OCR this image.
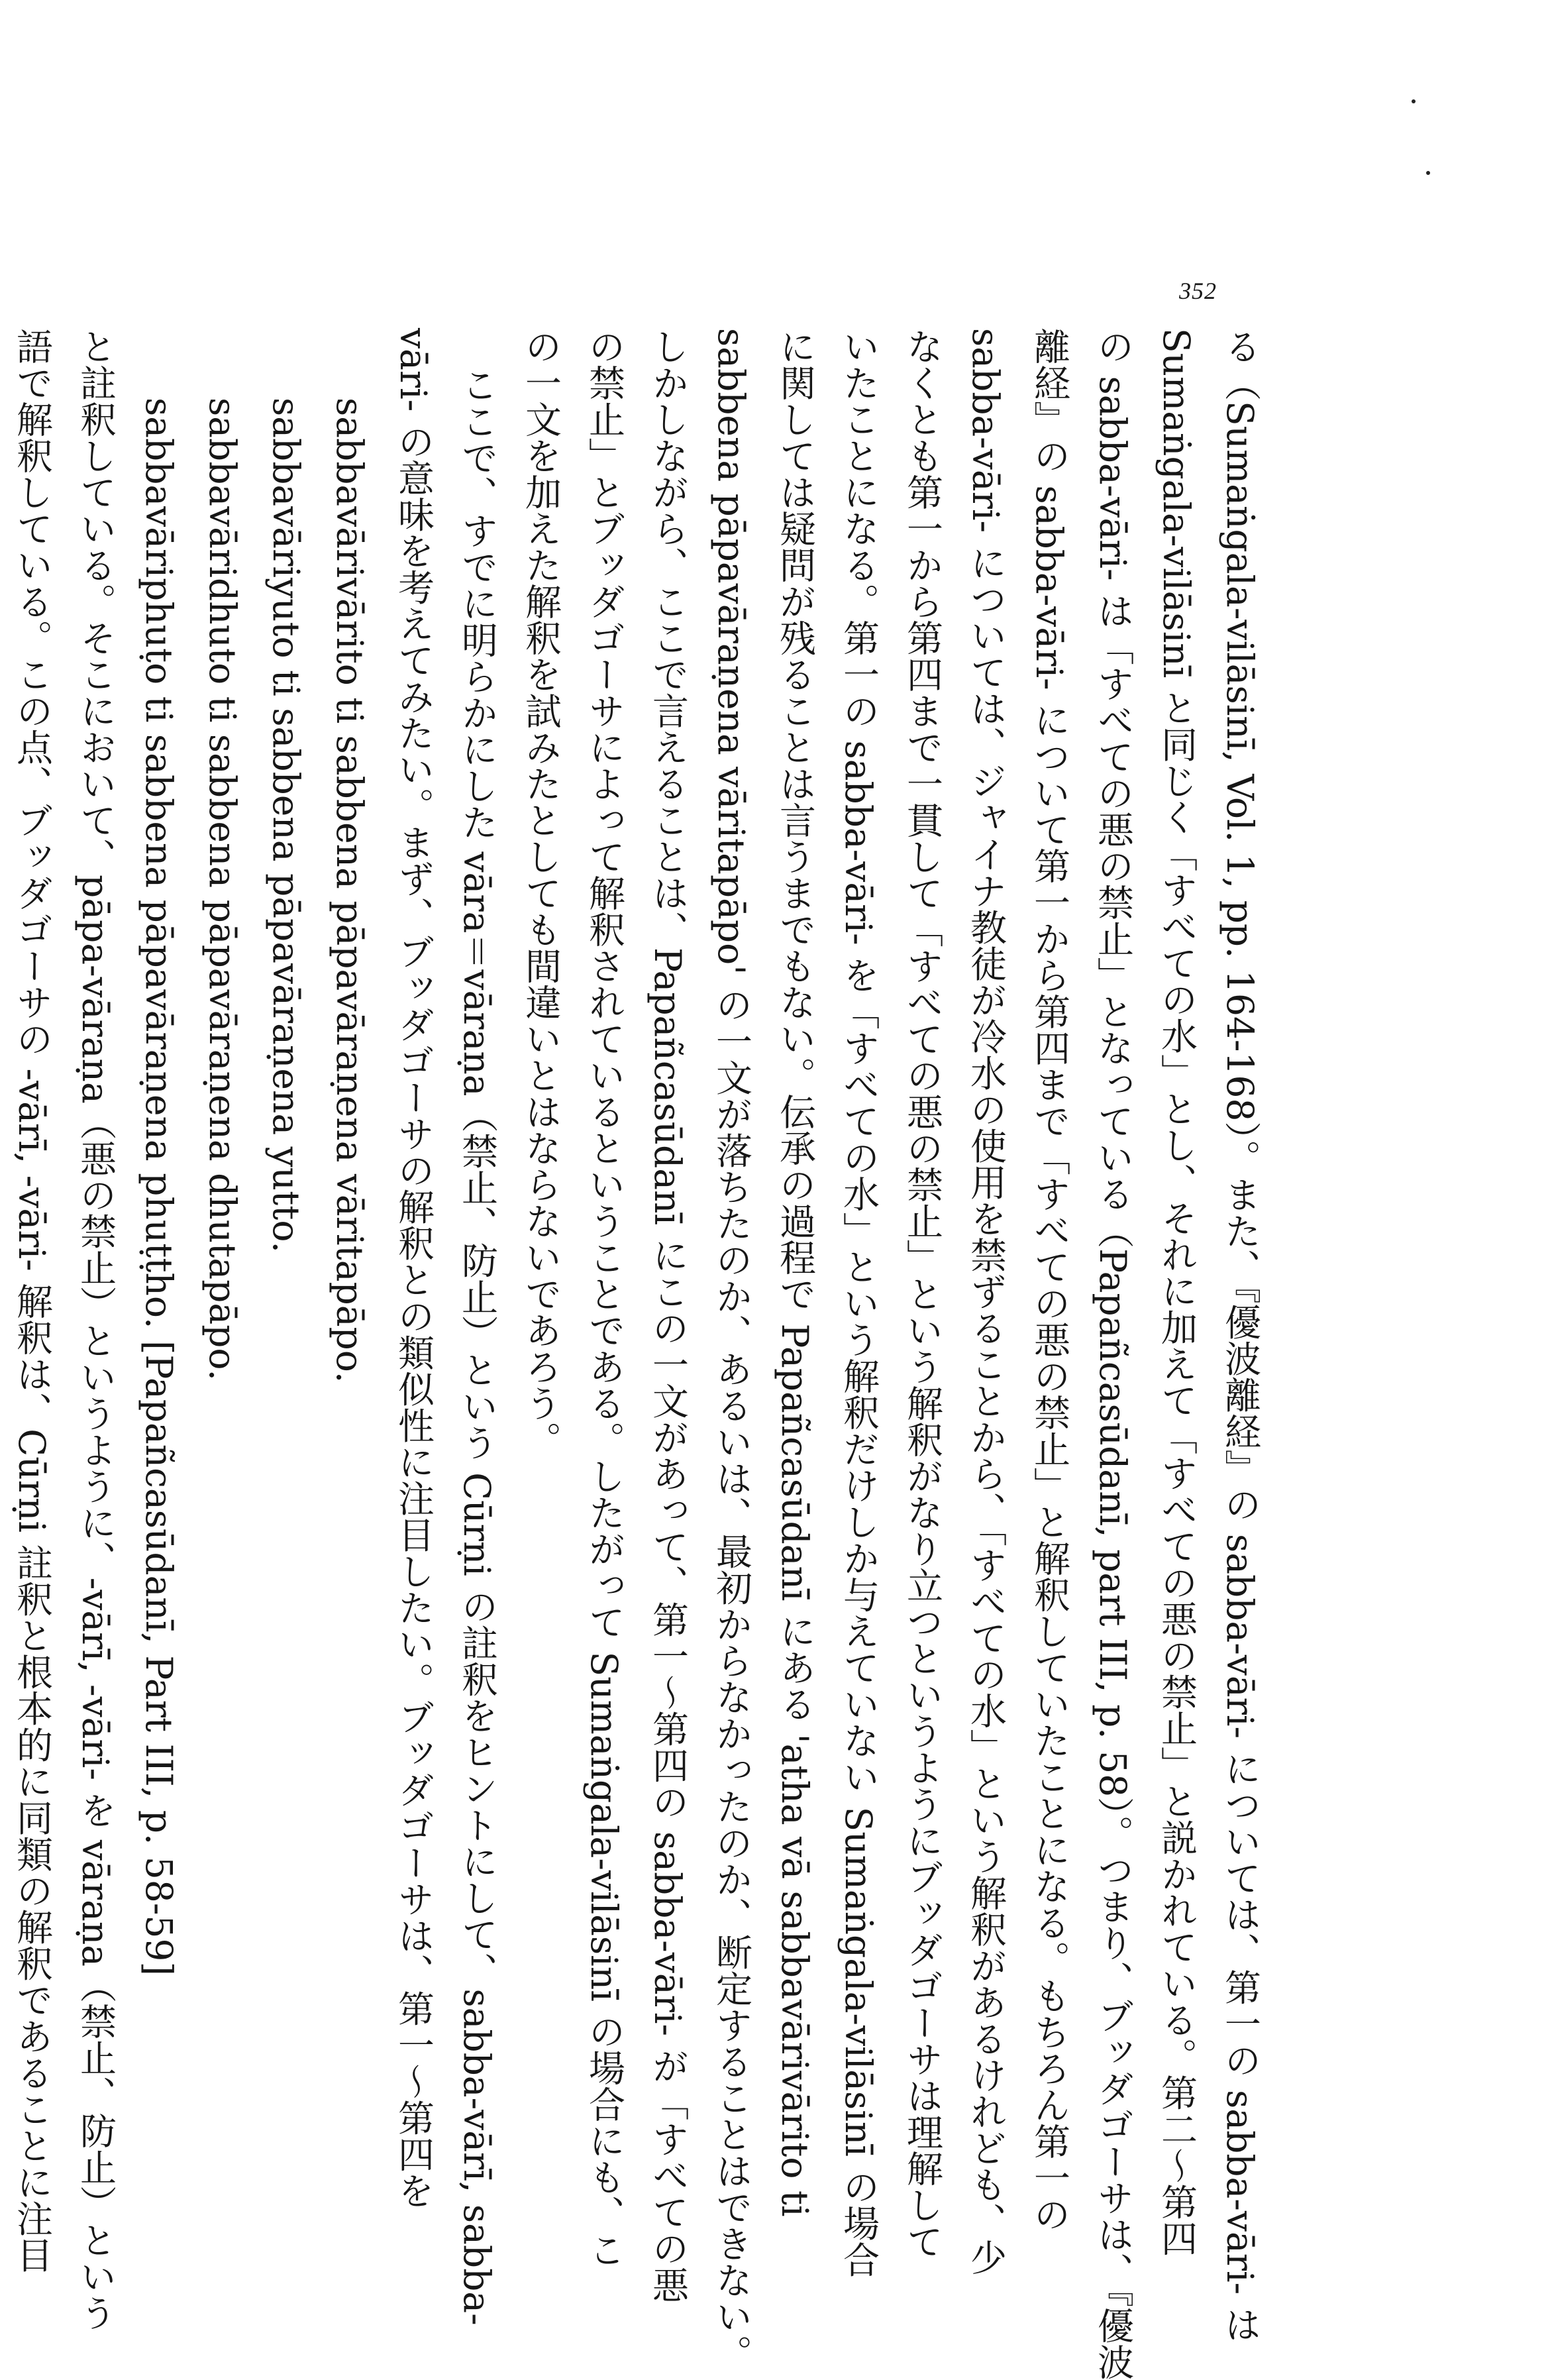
352
る（Sumaṅgala-vilāsinī, Vol. 1, pp. 164-168）。また、『優波離経』の sabba-vāri- については、第一の sabba-vāri- は
Sumaṅgala-vilāsinī と同じく「すべての水」とし、それに加えて「すべての悪の禁止」と説かれている。第二～第四
の sabba-vāri- は「すべての悪の禁止」となっている（Papañcasūdanī, part III, p. 58）。つまり、ブッダゴーサは、『優波
離経』の sabba-vāri- について第一から第四まで「すべての悪の禁止」と解釈していたことになる。もちろん第一の
sabba-vāri- については、ジャイナ教徒が冷水の使用を禁ずることから、「すべての水」という解釈があるけれども、少
なくとも第一から第四まで一貫して「すべての悪の禁止」という解釈がなり立つというようにブッダゴーサは理解して
いたことになる。第一の sabba-vāri- を「すべての水」という解釈だけしか与えていない Sumaṅgala-vilāsinī の場合
に関しては疑問が残ることは言うまでもない。伝承の過程で Papañcasūdanī にある 'atha vā sabbavārivārito ti
sabbena pāpavāraṇena vāritapāpo' の一文が落ちたのか、あるいは、最初からなかったのか、断定することはできない。
しかしながら、ここで言えることは、Papañcasūdanī にこの一文があって、第一～第四の sabba-vāri- が「すべての悪
の禁止」とブッダゴーサによって解釈されているということである。したがって Sumaṅgala-vilāsinī の場合にも、こ
の一文を加えた解釈を試みたとしても間違いとはならないであろう。
ここで、すでに明らかにした vāra＝vāraṇa（禁止、防止）という Cūrṇi の註釈をヒントにして、sabba-vārī, sabba-
vāri- の意味を考えてみたい。まず、ブッダゴーサの解釈との類似性に注目したい。ブッダゴーサは、第一～第四を
sabbavārivārito ti sabbena pāpavāraṇena vāritapāpo.
sabbavāriyuto ti sabbena pāpavāraṇena yutto.
sabbavāridhuto ti sabbena pāpavāraṇena dhutapāpo.
sabbavāriphuṭo ti sabbena pāpavāraṇena phuṭṭho. [Papañcasūdanī, Part III, p. 58-59]
と註釈している。そこにおいて、pāpa-vāraṇa（悪の禁止）というように、-vārī, -vāri- を vāraṇa（禁止、防止）という
語で解釈している。この点、ブッダゴーサの -vārī, -vāri- 解釈は、Cūrṇi 註釈と根本的に同類の解釈であることに注目
